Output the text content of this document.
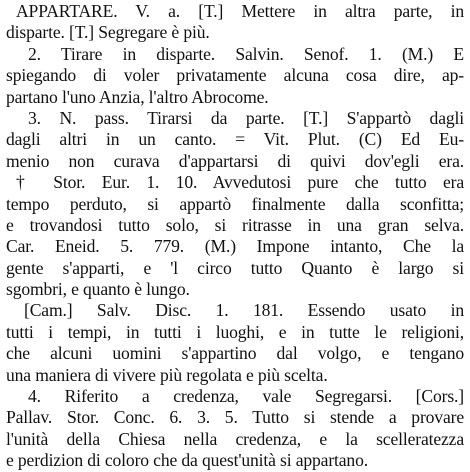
APPARTARE. V. a. [T.] Mettere in altra parte, in
disparte. [T.] Segregare è più.
2. Tirare in disparte. Salvin. Senof. 1. (M.) E
spiegando di voler privatamente alcuna cosa dire, ap-
partano l'uno Anzia, l'altro Abrocome.
3. N. pass. Tirarsi da parte. [T.] S'appartò dagli
dagli altri in un canto. = Vit. Plut. (C) Ed Eu-
menio non curava d'appartarsi di quivi dov'egli era.
† Stor. Eur. 1. 10. Avvedutosi pure che tutto era
tempo perduto, si appartò finalmente dalla sconfitta;
e trovandosi tutto solo, si ritrasse in una gran selva.
Car. Eneid. 5. 779. (M.) Impone intanto, Che la
gente s'apparti, e 'l circo tutto Quanto è largo si
sgombri, e quanto è lungo.
[Cam.] Salv. Disc. 1. 181. Essendo usato in
tutti i tempi, in tutti i luoghi, e in tutte le religioni,
che alcuni uomini s'appartino dal volgo, e tengano
una maniera di vivere più regolata e più scelta.
4. Riferito a credenza, vale Segregarsi. [Cors.]
Pallav. Stor. Conc. 6. 3. 5. Tutto si stende a provare
l'unità della Chiesa nella credenza, e la scelleratezza
e perdizion di coloro che da quest'unità si appartano.
